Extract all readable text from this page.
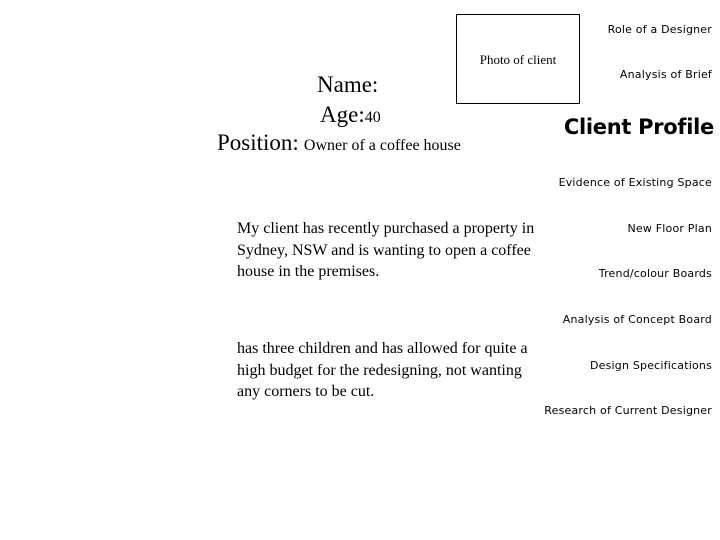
Photo of client
Role of a Designer
Analysis of Brief
Client Profile
Evidence of Existing Space
New Floor Plan
Trend/colour Boards
Analysis of Concept Board
Design Specifications
Research of Current Designer
Name:
Age:40
Position: Owner of a coffee house
My client has recently purchased a property in Sydney, NSW and is wanting to open a coffee house in the premises.
has three children and has allowed for quite a high budget for the redesigning, not wanting any corners to be cut.
